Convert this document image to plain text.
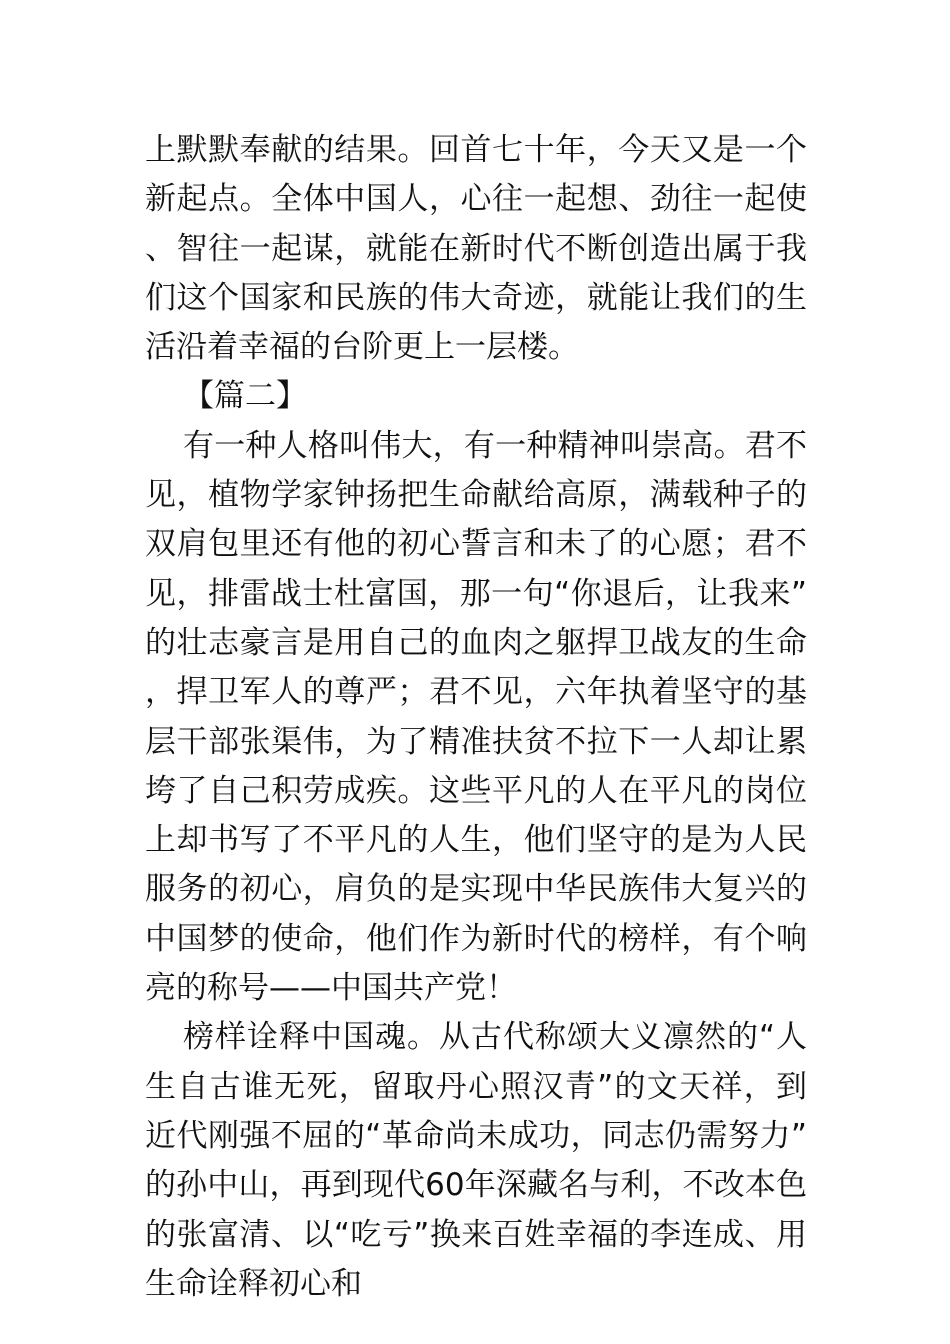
上默默奉献的结果。回首七十年，今天又是一个新起点。全体中国人，心往一起想、劲往一起使、智往一起谋，就能在新时代不断创造出属于我们这个国家和民族的伟大奇迹，就能让我们的生活沿着幸福的台阶更上一层楼。

【篇二】

有一种人格叫伟大，有一种精神叫崇高。君不见，植物学家钟扬把生命献给高原，满载种子的双肩包里还有他的初心誓言和未了的心愿；君不见，排雷战士杜富国，那一句“你退后，让我来”的壮志豪言是用自己的血肉之躯捍卫战友的生命，捍卫军人的尊严；君不见，六年执着坚守的基层干部张渠伟，为了精准扶贫不拉下一人却让累垮了自己积劳成疾。这些平凡的人在平凡的岗位上却书写了不平凡的人生，他们坚守的是为人民服务的初心，肩负的是实现中华民族伟大复兴的中国梦的使命，他们作为新时代的榜样，有个响亮的称号——中国共产党！

榜样诠释中国魂。从古代称颂大义凛然的“人生自古谁无死，留取丹心照汉青”的文天祥，到近代刚强不屈的“革命尚未成功，同志仍需努力”的孙中山，再到现代60年深藏名与利，不改本色的张富清、以“吃亏”换来百姓幸福的李连成、用生命诠释初心和
